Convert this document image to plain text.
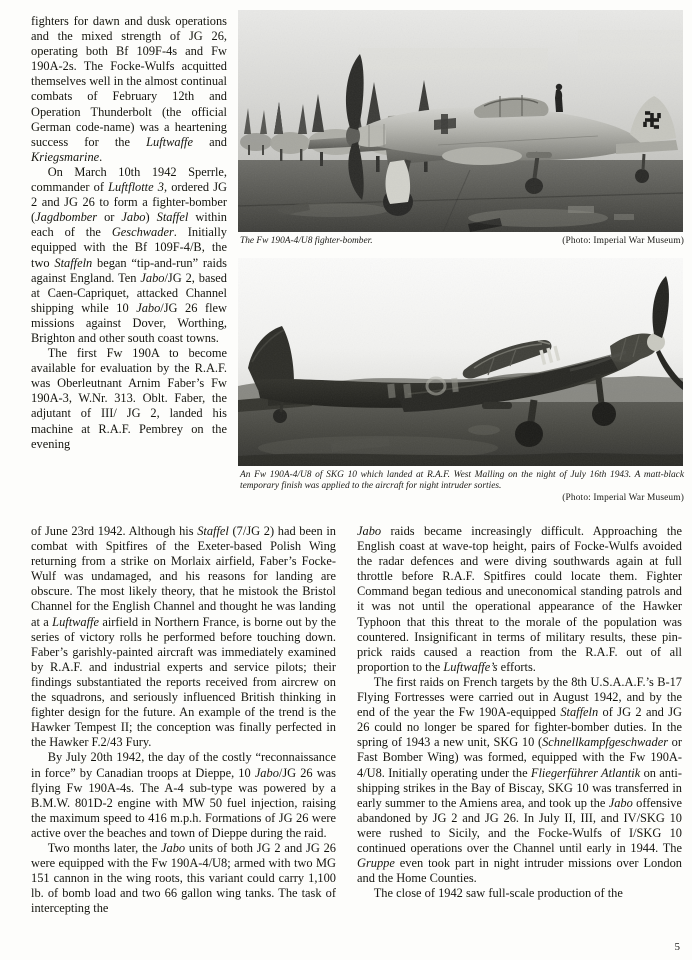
The Fw 190A-4/U8 fighter-bomber.	(Photo: Imperial War Museum)
An Fw 190A-4/U8 of SKG 10 which landed at R.A.F. West Malling on the night of July 16th 1943. A matt-black temporary finish was applied to the aircraft for night intruder sorties.
(Photo: Imperial War Museum)

fighters for dawn and dusk operations and the mixed strength of JG 26, operating both Bf 109F-4s and Fw 190A-2s. The Focke-Wulfs acquitted themselves well in the almost continual combats of February 12th and Operation Thunderbolt (the official German code-name) was a heartening success for the Luftwaffe and Kriegsmarine.

On March 10th 1942 Sperrle, commander of Luftflotte 3, ordered JG 2 and JG 26 to form a fighter-bomber (Jagdbomber or Jabo) Staffel within each of the Geschwader. Initially equipped with the Bf 109F-4/B, the two Staffeln began “tip-and-run” raids against England. Ten Jabo/JG 2, based at Caen-Capriquet, attacked Channel shipping while 10 Jabo/JG 26 flew missions against Dover, Worthing, Brighton and other south coast towns.

The first Fw 190A to become available for evaluation by the R.A.F. was Oberleutnant Arnim Faber’s Fw 190A-3, W.Nr. 313. Oblt. Faber, the adjutant of III/ JG 2, landed his machine at R.A.F. Pembrey on the evening

of June 23rd 1942. Although his Staffel (7/JG 2) had been in combat with Spitfires of the Exeter-based Polish Wing returning from a strike on Morlaix airfield, Faber’s Focke-Wulf was undamaged, and his reasons for landing are obscure. The most likely theory, that he mistook the Bristol Channel for the English Channel and thought he was landing at a Luftwaffe airfield in Northern France, is borne out by the series of victory rolls he performed before touching down. Faber’s garishly-painted aircraft was immediately examined by R.A.F. and industrial experts and service pilots; their findings substantiated the reports received from aircrew on the squadrons, and seriously influenced British thinking in fighter design for the future. An example of the trend is the Hawker Tempest II; the conception was finally perfected in the Hawker F.2/43 Fury.

By July 20th 1942, the day of the costly “reconnaissance in force” by Canadian troops at Dieppe, 10 Jabo/JG 26 was flying Fw 190A-4s. The A-4 sub-type was powered by a B.M.W. 801D-2 engine with MW 50 fuel injection, raising the maximum speed to 416 m.p.h. Formations of JG 26 were active over the beaches and town of Dieppe during the raid.

Two months later, the Jabo units of both JG 2 and JG 26 were equipped with the Fw 190A-4/U8; armed with two MG 151 cannon in the wing roots, this variant could carry 1,100 lb. of bomb load and two 66 gallon wing tanks. The task of intercepting the

Jabo raids became increasingly difficult. Approaching the English coast at wave-top height, pairs of Focke-Wulfs avoided the radar defences and were diving southwards again at full throttle before R.A.F. Spitfires could locate them. Fighter Command began tedious and uneconomical standing patrols and it was not until the operational appearance of the Hawker Typhoon that this threat to the morale of the population was countered. Insignificant in terms of military results, these pin-prick raids caused a reaction from the R.A.F. out of all proportion to the Luftwaffe’s efforts.

The first raids on French targets by the 8th U.S.A.A.F.’s B-17 Flying Fortresses were carried out in August 1942, and by the end of the year the Fw 190A-equipped Staffeln of JG 2 and JG 26 could no longer be spared for fighter-bomber duties. In the spring of 1943 a new unit, SKG 10 (Schnellkampfgeschwader or Fast Bomber Wing) was formed, equipped with the Fw 190A-4/U8. Initially operating under the Fliegerführer Atlantik on anti-shipping strikes in the Bay of Biscay, SKG 10 was transferred in early summer to the Amiens area, and took up the Jabo offensive abandoned by JG 2 and JG 26. In July II, III, and IV/SKG 10 were rushed to Sicily, and the Focke-Wulfs of I/SKG 10 continued operations over the Channel until early in 1944. The Gruppe even took part in night intruder missions over London and the Home Counties.

The close of 1942 saw full-scale production of the

5
